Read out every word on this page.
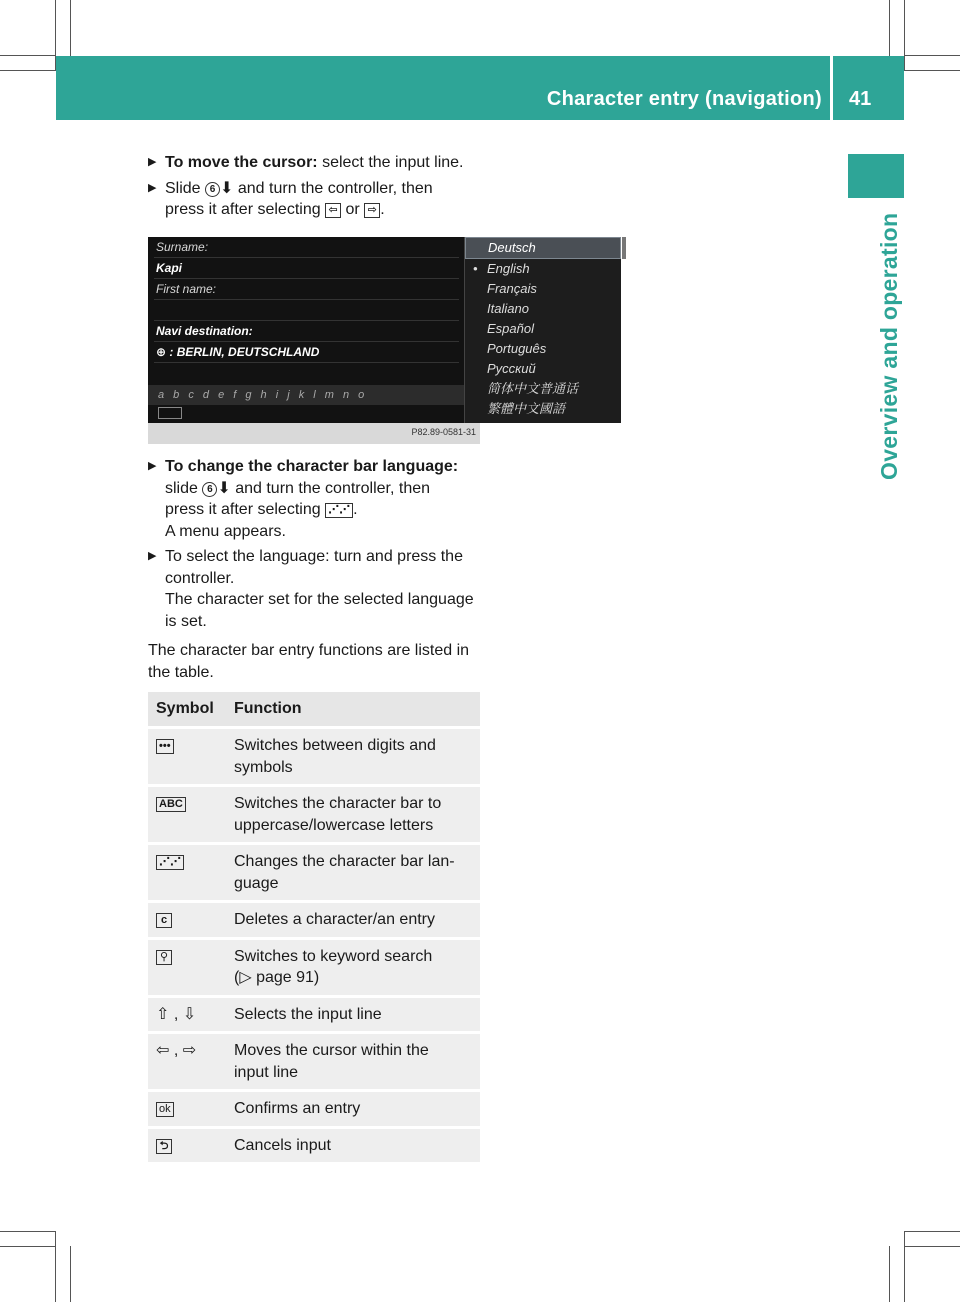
Character entry (navigation) 41
Overview and operation
▶ To move the cursor: select the input line.
▶ Slide 6 ⬇ and turn the controller, then
press it after selecting ⇦ or ⇨ .
Surname:
Kapi
First name:
Navi destination:
⊕ : BERLIN, DEUTSCHLAND
a b c d e f g h i j k l m n o
Deutsch
• English
Français
Italiano
Español
Português
Русский
简体中文普通话
繁體中文國語
P82.89-0581-31
▶ To change the character bar language:
slide 6 ⬇ and turn the controller, then
press it after selecting ⋰⋰ .
A menu appears.
▶ To select the language: turn and press the
controller.
The character set for the selected language
is set.
The character bar entry functions are listed in
the table.
Symbol	Function
•••	Switches between digits and
symbols
ABC	Switches the character bar to
uppercase/lowercase letters
⋰⋰	Changes the character bar lan-
guage
c	Deletes a character/an entry
⚲	Switches to keyword search
(▷ page 91)
⇧ , ⇩	Selects the input line
⇦ , ⇨	Moves the cursor within the
input line
ok	Confirms an entry
⮌	Cancels input
